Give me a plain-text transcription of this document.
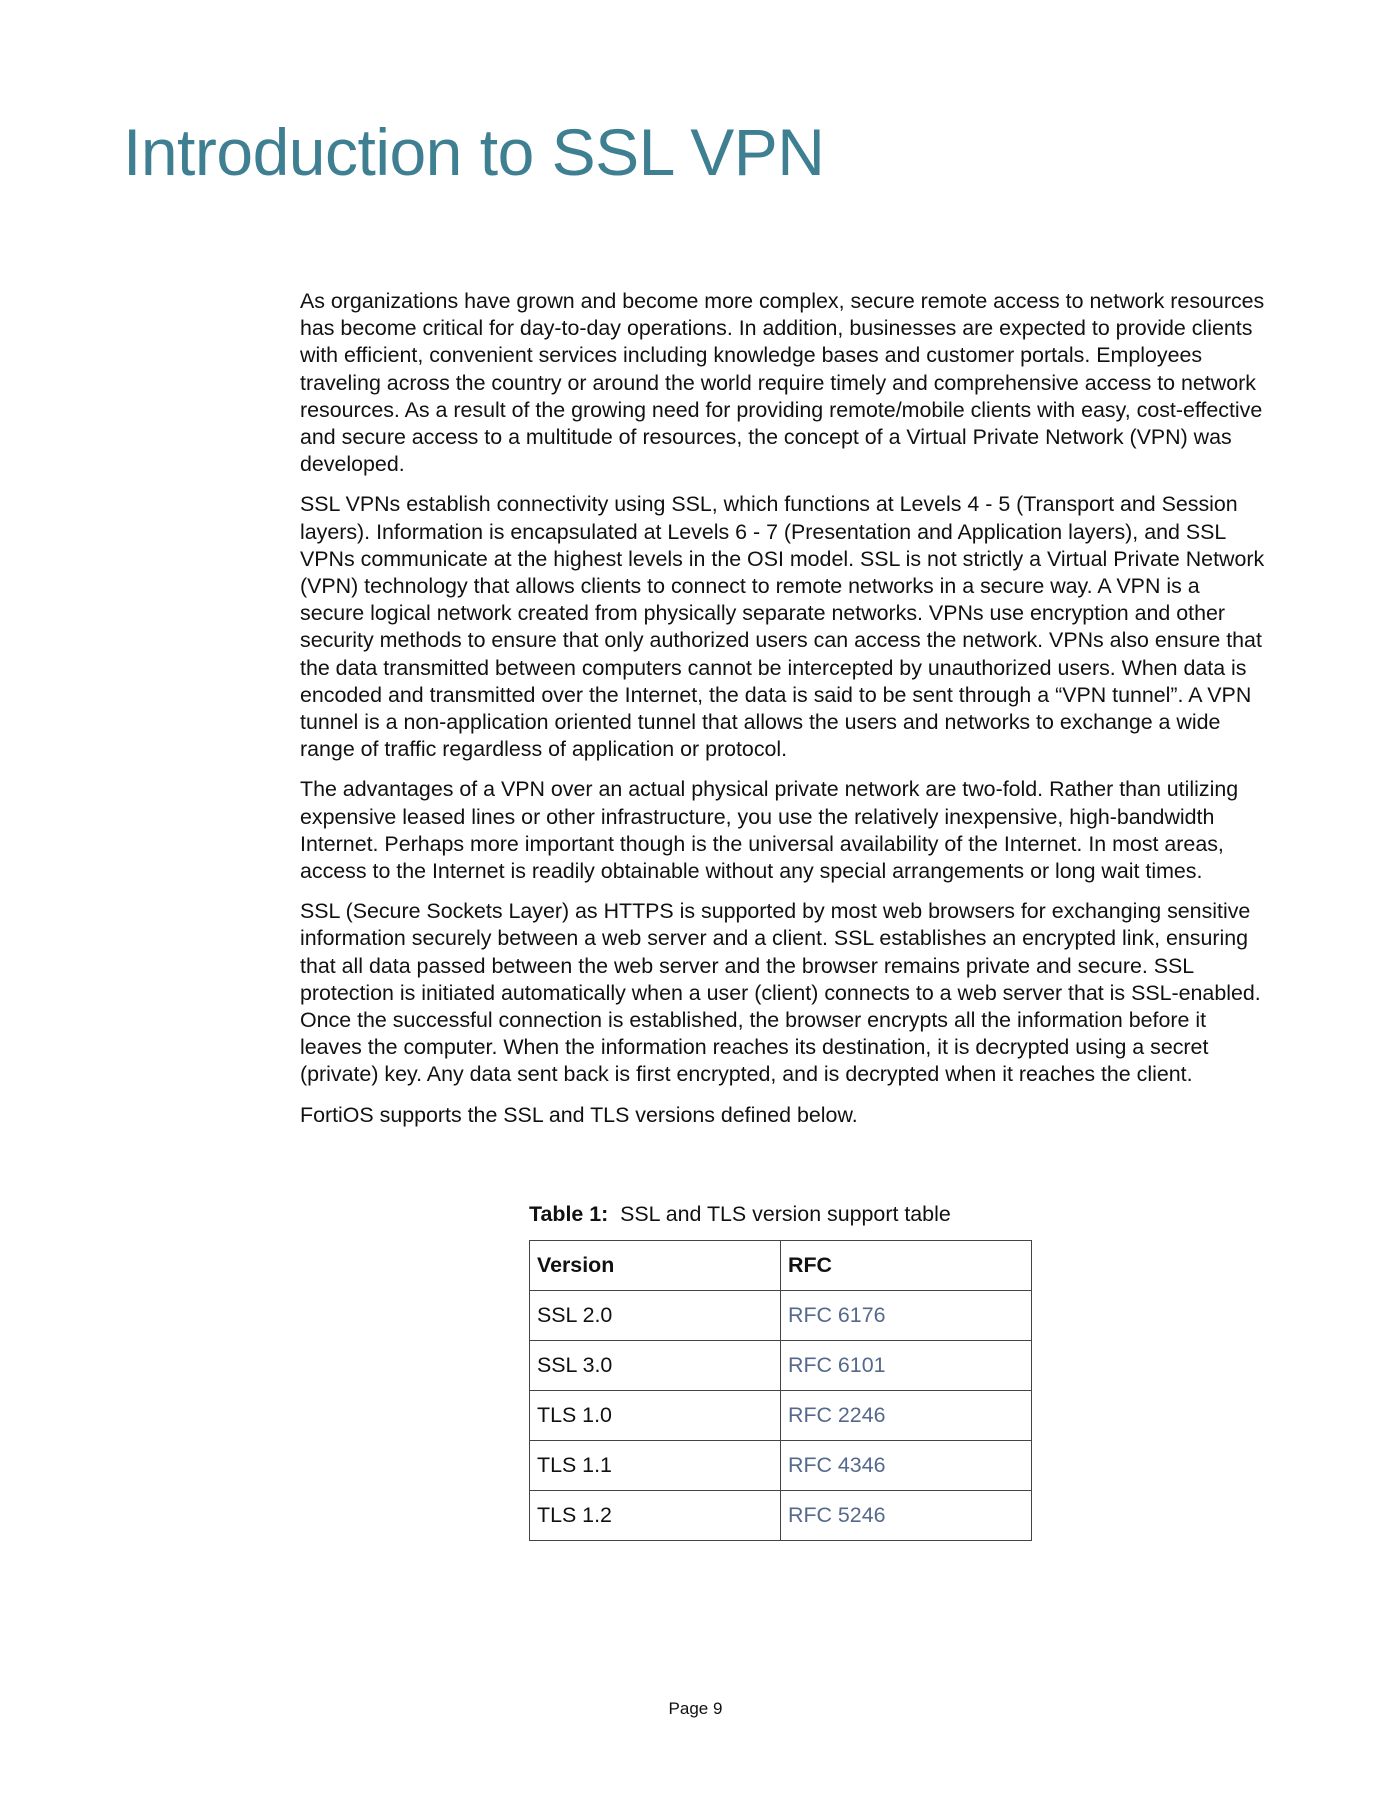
Introduction to SSL VPN

As organizations have grown and become more complex, secure remote access to network resources has become critical for day-to-day operations. In addition, businesses are expected to provide clients with efficient, convenient services including knowledge bases and customer portals. Employees traveling across the country or around the world require timely and comprehensive access to network resources. As a result of the growing need for providing remote/mobile clients with easy, cost-effective and secure access to a multitude of resources, the concept of a Virtual Private Network (VPN) was developed.

SSL VPNs establish connectivity using SSL, which functions at Levels 4 - 5 (Transport and Session layers). Information is encapsulated at Levels 6 - 7 (Presentation and Application layers), and SSL VPNs communicate at the highest levels in the OSI model. SSL is not strictly a Virtual Private Network (VPN) technology that allows clients to connect to remote networks in a secure way. A VPN is a secure logical network created from physically separate networks. VPNs use encryption and other security methods to ensure that only authorized users can access the network. VPNs also ensure that the data transmitted between computers cannot be intercepted by unauthorized users. When data is encoded and transmitted over the Internet, the data is said to be sent through a “VPN tunnel”. A VPN tunnel is a non-application oriented tunnel that allows the users and networks to exchange a wide range of traffic regardless of application or protocol.

The advantages of a VPN over an actual physical private network are two-fold. Rather than utilizing expensive leased lines or other infrastructure, you use the relatively inexpensive, high-bandwidth Internet. Perhaps more important though is the universal availability of the Internet. In most areas, access to the Internet is readily obtainable without any special arrangements or long wait times.

SSL (Secure Sockets Layer) as HTTPS is supported by most web browsers for exchanging sensitive information securely between a web server and a client. SSL establishes an encrypted link, ensuring that all data passed between the web server and the browser remains private and secure. SSL protection is initiated automatically when a user (client) connects to a web server that is SSL-enabled. Once the successful connection is established, the browser encrypts all the information before it leaves the computer. When the information reaches its destination, it is decrypted using a secret (private) key. Any data sent back is first encrypted, and is decrypted when it reaches the client.

FortiOS supports the SSL and TLS versions defined below.

Table 1: SSL and TLS version support table

Version	RFC
SSL 2.0	RFC 6176
SSL 3.0	RFC 6101
TLS 1.0	RFC 2246
TLS 1.1	RFC 4346
TLS 1.2	RFC 5246
Page 9
